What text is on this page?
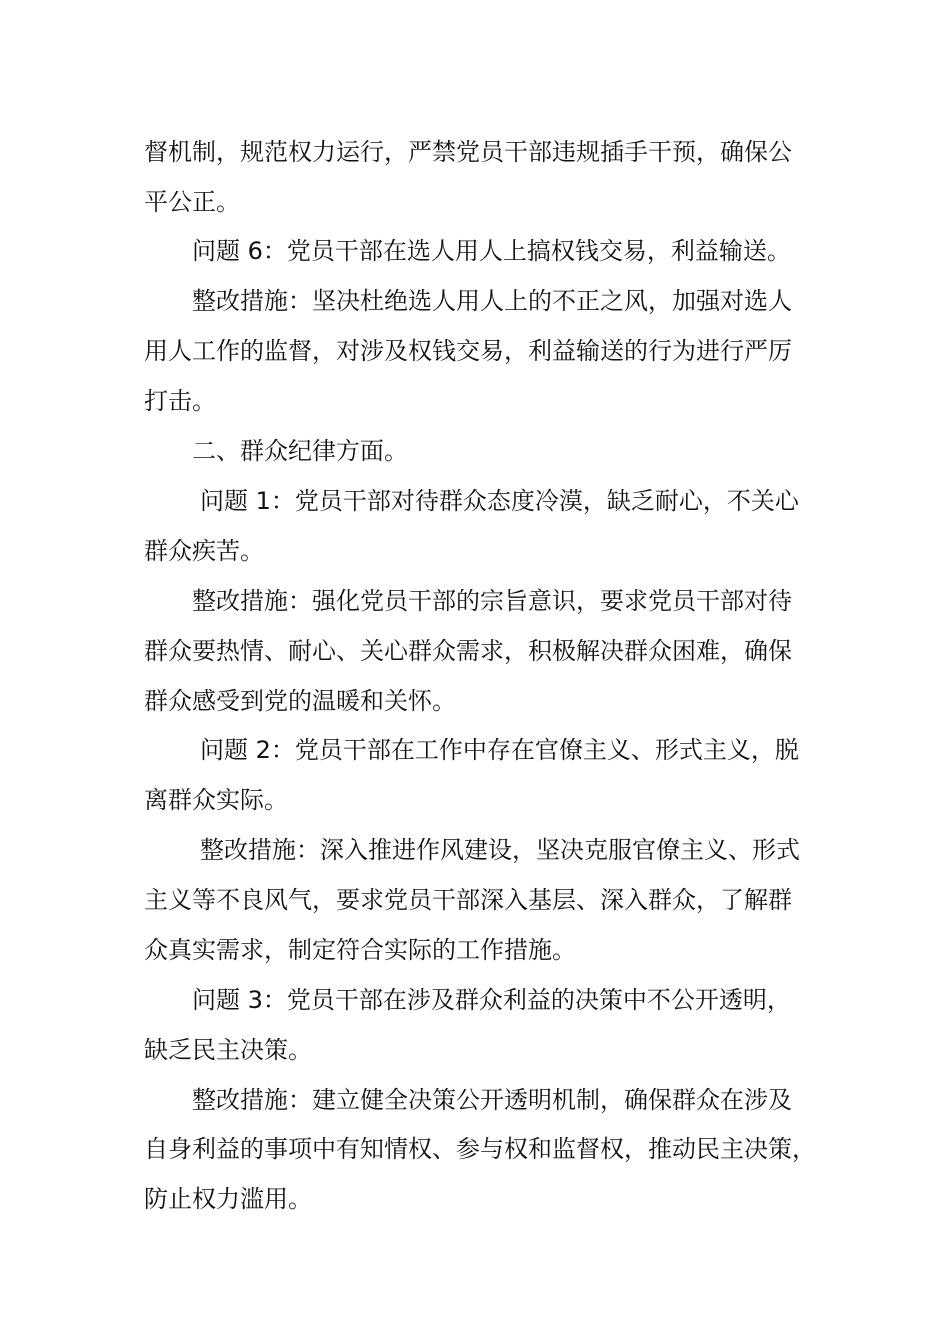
督机制，规范权力运行，严禁党员干部违规插手干预，确保公
平公正。
问题 6：党员干部在选人用人上搞权钱交易，利益输送。
整改措施：坚决杜绝选人用人上的不正之风，加强对选人
用人工作的监督，对涉及权钱交易，利益输送的行为进行严厉
打击。
二、群众纪律方面。
问题 1：党员干部对待群众态度冷漠，缺乏耐心，不关心
群众疾苦。
整改措施：强化党员干部的宗旨意识，要求党员干部对待
群众要热情、耐心、关心群众需求，积极解决群众困难，确保
群众感受到党的温暖和关怀。
问题 2：党员干部在工作中存在官僚主义、形式主义，脱
离群众实际。
整改措施：深入推进作风建设，坚决克服官僚主义、形式
主义等不良风气，要求党员干部深入基层、深入群众，了解群
众真实需求，制定符合实际的工作措施。
问题 3：党员干部在涉及群众利益的决策中不公开透明，
缺乏民主决策。
整改措施：建立健全决策公开透明机制，确保群众在涉及
自身利益的事项中有知情权、参与权和监督权，推动民主决策，
防止权力滥用。
